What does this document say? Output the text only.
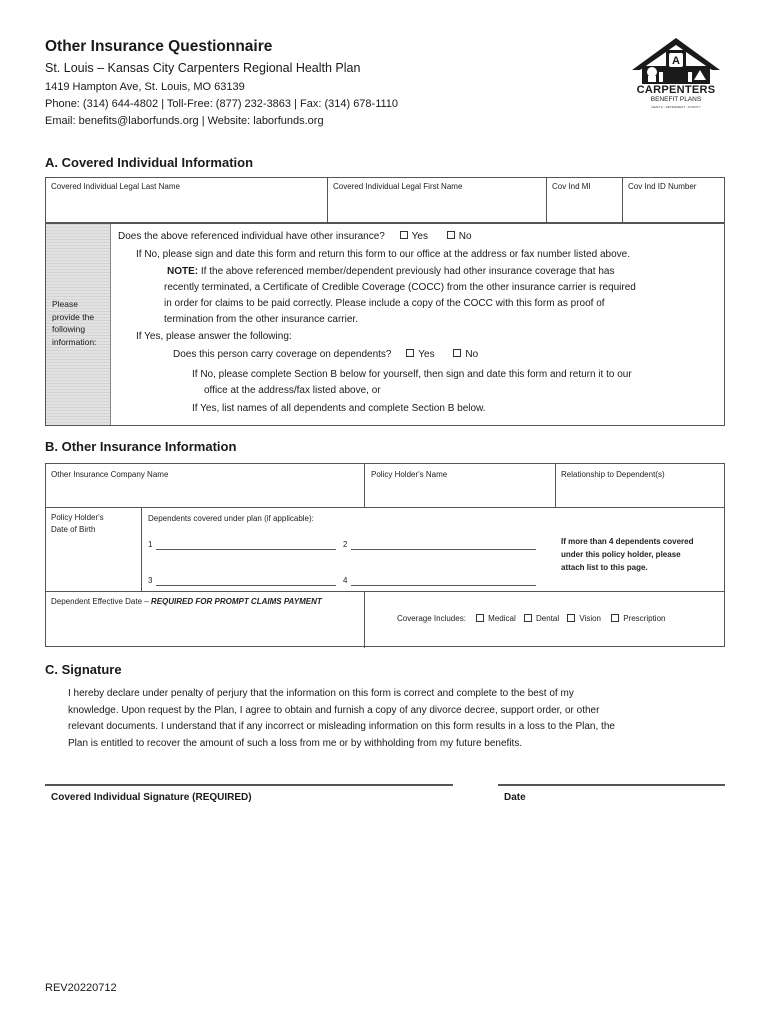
Other Insurance Questionnaire
St. Louis – Kansas City Carpenters Regional Health Plan
1419 Hampton Ave, St. Louis, MO 63139
Phone: (314) 644-4802 | Toll-Free: (877) 232-3863 | Fax: (314) 678-1110
Email: benefits@laborfunds.org | Website: laborfunds.org
A
CARPENTERS
BENEFIT PLANS
HEALTH · RETIREMENT · ANNUITY
A. Covered Individual Information
Covered Individual Legal Last Name	Covered Individual Legal First Name	Cov Ind MI	Cov Ind ID Number
Please provide the following information:
Does the above referenced individual have other insurance?	Yes	No
If No, please sign and date this form and return this form to our office at the address or fax number listed above.
NOTE: If the above referenced member/dependent previously had other insurance coverage that has
recently terminated, a Certificate of Credible Coverage (COCC) from the other insurance carrier is required
in order for claims to be paid correctly. Please include a copy of the COCC with this form as proof of
termination from the other insurance carrier.
If Yes, please answer the following:
Does this person carry coverage on dependents?	Yes	No
If No, please complete Section B below for yourself, then sign and date this form and return it to our
office at the address/fax listed above, or
If Yes, list names of all dependents and complete Section B below.
B. Other Insurance Information
Other Insurance Company Name	Policy Holder's Name	Relationship to Dependent(s)
Policy Holder's
Date of Birth
Dependents covered under plan (if applicable):
1	2
3	4
If more than 4 dependents covered
under this policy holder, please
attach list to this page.
Dependent Effective Date – REQUIRED FOR PROMPT CLAIMS PAYMENT
Coverage Includes:	Medical	Dental	Vision	Prescription
C. Signature
I hereby declare under penalty of perjury that the information on this form is correct and complete to the best of my
knowledge. Upon request by the Plan, I agree to obtain and furnish a copy of any divorce decree, support order, or other
relevant documents. I understand that if any incorrect or misleading information on this form results in a loss to the Plan, the
Plan is entitled to recover the amount of such a loss from me or by withholding from my future benefits.
Covered Individual Signature (REQUIRED)	Date
REV20220712
